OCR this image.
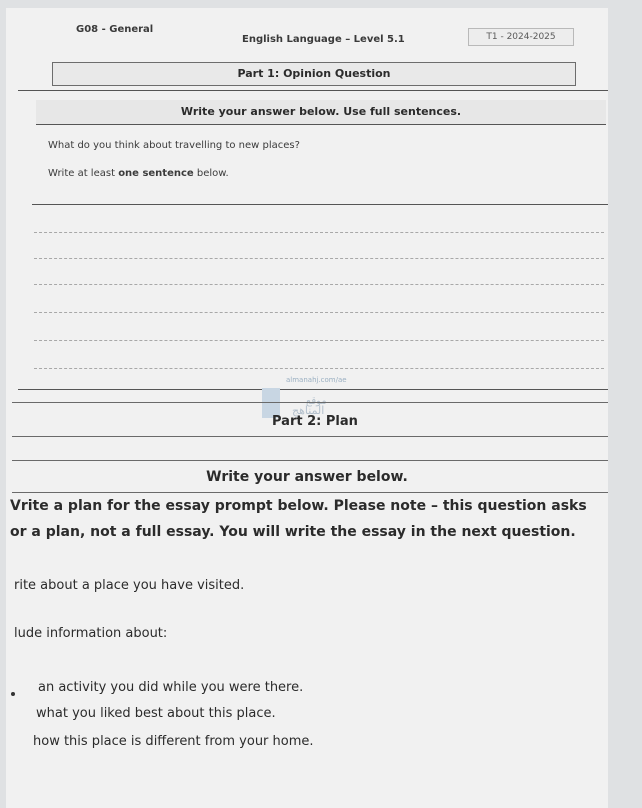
G08 - General
English Language – Level 5.1	T1 - 2024-2025
Part 1: Opinion Question
Write your answer below. Use full sentences.
What do you think about travelling to new places?
Write at least one sentence below.
almanahj.com/ae
موقع
المناهج
Part 2: Plan
Write your answer below.
Vrite a plan for the essay prompt below. Please note – this question asks
or a plan, not a full essay. You will write the essay in the next question.
rite about a place you have visited.
lude information about:
an activity you did while you were there.
what you liked best about this place.
how this place is different from your home.
